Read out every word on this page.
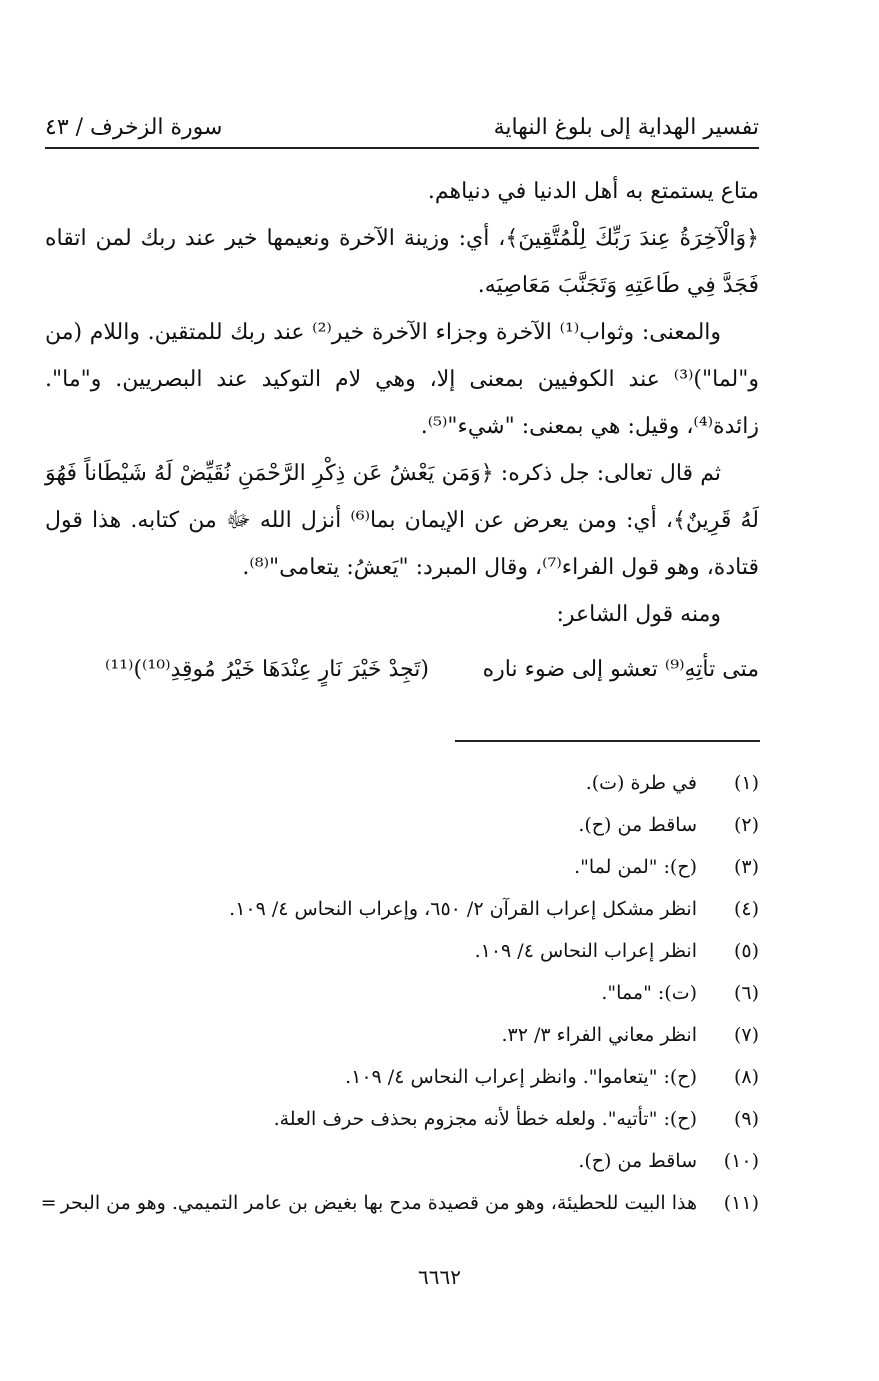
تفسير الهداية إلى بلوغ النهاية
سورة الزخرف / ٤٣

متاع يستمتع به أهل الدنيا في دنياهم.

﴿وَالْآخِرَةُ عِندَ رَبِّكَ لِلْمُتَّقِينَ﴾، أي: وزينة الآخرة ونعيمها خير عند ربك لمن اتقاه فَجَدَّ فِي طَاعَتِهِ وَتَجَنَّبَ مَعَاصِيَه.

والمعنى: وثواب⁽¹⁾ الآخرة وجزاء الآخرة خير⁽²⁾ عند ربك للمتقين. واللام (من و"لما")⁽³⁾ عند الكوفيين بمعنى إلا، وهي لام التوكيد عند البصريين. و"ما". زائدة⁽⁴⁾، وقيل: هي بمعنى: "شيء"⁽⁵⁾.

ثم قال تعالى: جل ذكره: ﴿وَمَن يَعْشُ عَن ذِكْرِ الرَّحْمَنِ نُقَيِّضْ لَهُ شَيْطَاناً فَهُوَ لَهُ قَرِينٌ﴾، أي: ومن يعرض عن الإيمان بما⁽⁶⁾ أنزل الله ﷻ من كتابه. هذا قول قتادة، وهو قول الفراء⁽⁷⁾، وقال المبرد: "يَعشُ: يتعامى"⁽⁸⁾.

ومنه قول الشاعر:

متى تأتِهِ⁽⁹⁾ تعشو إلى ضوء ناره
(تَجِدْ خَيْرَ نَارٍ عِنْدَهَا خَيْرُ مُوقِدِ⁽¹⁰⁾)⁽¹¹⁾
(١)
في طرة (ت).
(٢)
ساقط من (ح).
(٣)
(ح): "لمن لما".
(٤)
انظر مشكل إعراب القرآن ٢/ ٦٥٠، وإعراب النحاس ٤/ ١٠٩.
(٥)
انظر إعراب النحاس ٤/ ١٠٩.
(٦)
(ت): "مما".
(٧)
انظر معاني الفراء ٣/ ٣٢.
(٨)
(ح): "يتعاموا". وانظر إعراب النحاس ٤/ ١٠٩.
(٩)
(ح): "تأتيه". ولعله خطأ لأنه مجزوم بحذف حرف العلة.
(١٠)
ساقط من (ح).
(١١)
هذا البيت للحطيئة، وهو من قصيدة مدح بها بغيض بن عامر التميمي. وهو من البحر
=
٦٦٦٢
